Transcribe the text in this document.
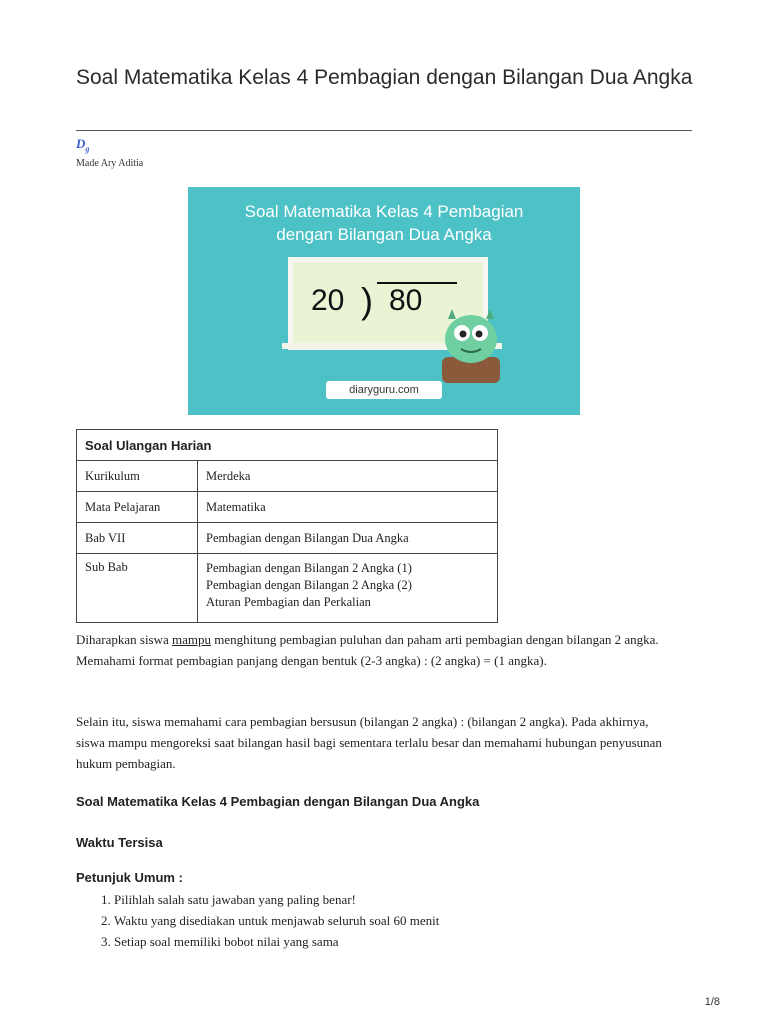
Soal Matematika Kelas 4 Pembagian dengan Bilangan Dua Angka
$D_g$
Made Ary Aditia
Soal Matematika Kelas 4 Pembagian
dengan Bilangan Dua Angka
20 ) 80
diaryguru.com
Soal Ulangan Harian	
Kurikulum	Merdeka
Mata Pelajaran	Matematika
Bab VII	Pembagian dengan Bilangan Dua Angka
Sub Bab	Pembagian dengan Bilangan 2 Angka (1)
Pembagian dengan Bilangan 2 Angka (2)
Aturan Pembagian dan Perkalian

Diharapkan siswa mampu menghitung pembagian puluhan dan paham arti pembagian dengan bilangan 2 angka. Memahami format pembagian panjang dengan bentuk (2-3 angka) : (2 angka) = (1 angka).

Selain itu, siswa memahami cara pembagian bersusun (bilangan 2 angka) : (bilangan 2 angka). Pada akhirnya, siswa mampu mengoreksi saat bilangan hasil bagi sementara terlalu besar dan memahami hubungan penyusunan hukum pembagian.

Soal Matematika Kelas 4 Pembagian dengan Bilangan Dua Angka

Waktu Tersisa

Petunjuk Umum :

1. Pilihlah salah satu jawaban yang paling benar!
2. Waktu yang disediakan untuk menjawab seluruh soal 60 menit
3. Setiap soal memiliki bobot nilai yang sama
1/8
